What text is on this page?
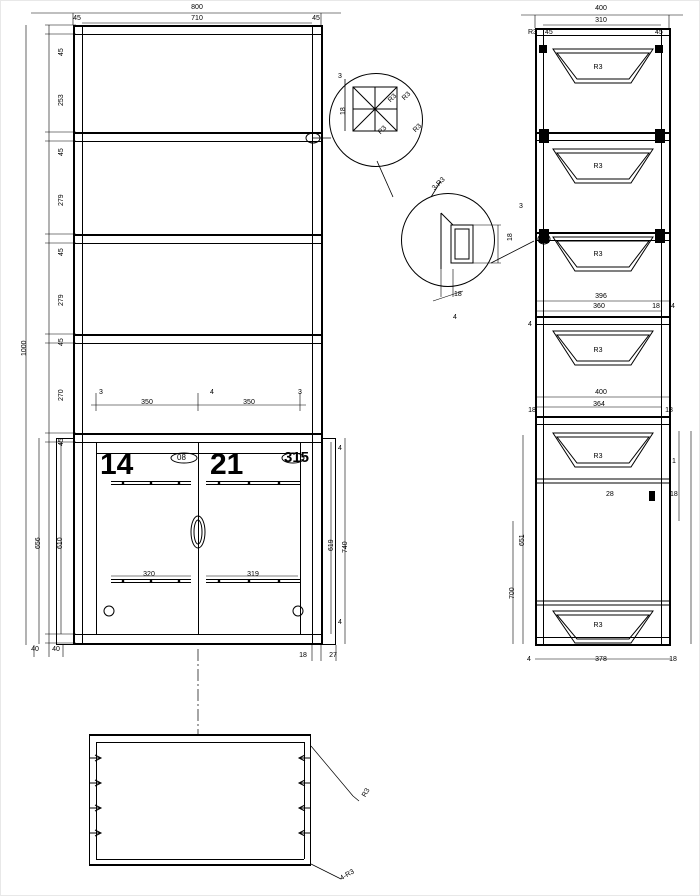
800
710
45	45
1000
45
253
45
279
45
279
45
270
45
3
350
4
350
3
656 610	619 740
320	319
40 40
18	27
4
4
14	21	315
08
3
18
R3 R3
R3	R3
3-R3
3
18
18
4
400
310
R3 45	45
R3
R3
R3
R3
R3
R3
396
360	18 4
4
400
364
18	18
651
700
28	18
1
4	378	18
R3
4-R3
